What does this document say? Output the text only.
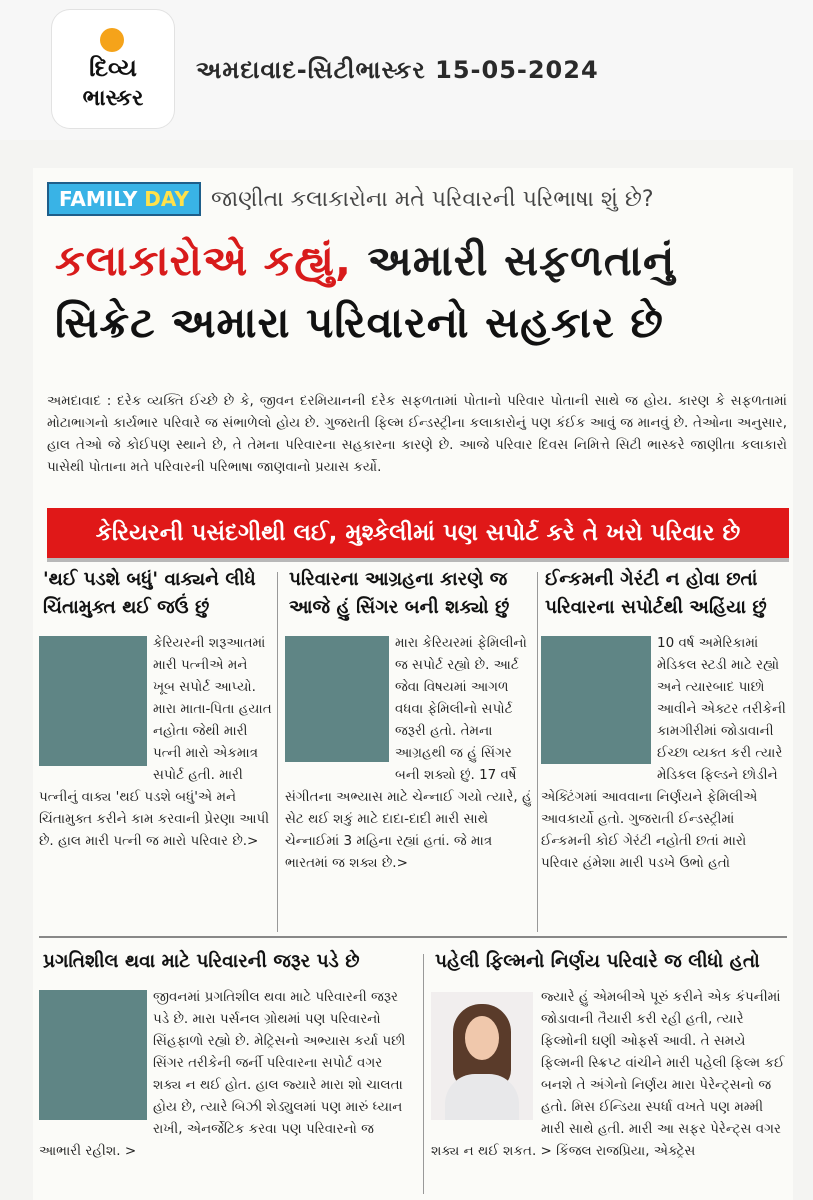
દિવ્ય
ભાસ્કર
અમદાવાદ-સિટીભાસ્કર 15-05-2024
FAMILY DAY	જાણીતા કલાકારોના મતે પરિવારની પરિભાષા શું છે?
કલાકારોએ કહ્યું, અમારી સફળતાનું
સિક્રેટ અમારા પરિવારનો સહકાર છે
અમદાવાદ : દરેક વ્યક્તિ ઈચ્છે છે કે, જીવન દરમિયાનની દરેક સફળતામાં પોતાનો પરિવાર પોતાની સાથે જ હોય. કારણ કે સફળતામાં મોટાભાગનો કાર્યભાર પરિવારે જ સંભાળેલો હોય છે. ગુજરાતી ફિલ્મ ઈન્ડસ્ટ્રીના કલાકારોનું પણ કંઈક આવું જ માનવું છે. તેઓના અનુસાર, હાલ તેઓ જે કોઈપણ સ્થાને છે, તે તેમના પરિવારના સહકારના કારણે છે. આજે પરિવાર દિવસ નિમિત્તે સિટી ભાસ્કરે જાણીતા કલાકારો પાસેથી પોતાના મતે પરિવારની પરિભાષા જાણવાનો પ્રયાસ કર્યો.
કેરિયરની પસંદગીથી લઈ, મુશ્કેલીમાં પણ સપોર્ટ કરે તે ખરો પરિવાર છે
'થઈ પડશે બધું' વાક્યને લીધે ચિંતામુક્ત થઈ જઉં છું
કેરિયરની શરૂઆતમાં મારી પત્નીએ મને ખૂબ સપોર્ટ આપ્યો. મારા માતા-પિતા હયાત નહોતા જેથી મારી પત્ની મારો એકમાત્ર સપોર્ટ હતી. મારી પત્નીનું વાક્ય 'થઈ પડશે બધું'એ મને ચિંતામુક્ત કરીને કામ કરવાની પ્રેરણા આપી છે. હાલ મારી પત્ની જ મારો પરિવાર છે.>
પરિવારના આગ્રહના કારણે જ આજે હું સિંગર બની શક્યો છું
મારા કેરિયરમાં ફેમિલીનો જ સપોર્ટ રહ્યો છે. આર્ટ જેવા વિષયમાં આગળ વધવા ફેમિલીનો સપોર્ટ જરૂરી હતો. તેમના આગ્રહથી જ હું સિંગર બની શક્યો છું. 17 વર્ષે સંગીતના અભ્યાસ માટે ચેન્નાઈ ગયો ત્યારે, હું સેટ થઈ શકું માટે દાદા-દાદી મારી સાથે ચેન્નાઈમાં 3 મહિના રહ્યાં હતાં. જે માત્ર ભારતમાં જ શક્ય છે.>
ઈન્કમની ગેરંટી ન હોવા છતાં પરિવારના સપોર્ટથી અહિંયા છું
10 વર્ષ અમેરિકામાં મેડિકલ સ્ટડી માટે રહ્યો અને ત્યારબાદ પાછો આવીને એક્ટર તરીકેની કામગીરીમાં જોડાવાની ઈચ્છા વ્યક્ત કરી ત્યારે મેડિકલ ફિલ્ડને છોડીને એક્ટિંગમાં આવવાના નિર્ણયને ફેમિલીએ આવકાર્યો હતો. ગુજરાતી ઈન્ડસ્ટ્રીમાં ઈન્કમની કોઈ ગેરંટી નહોતી છતાં મારો પરિવાર હંમેશા મારી પડખે ઉભો હતો
પ્રગતિશીલ થવા માટે પરિવારની જરૂર પડે છે
જીવનમાં પ્રગતિશીલ થવા માટે પરિવારની જરૂર પડે છે. મારા પર્સનલ ગ્રોથમાં પણ પરિવારનો સિંહફાળો રહ્યો છે. મેટ્રિસનો અભ્યાસ કર્યા પછી સિંગર તરીકેની જર્ની પરિવારના સપોર્ટ વગર શક્ય ન થઈ હોત. હાલ જ્યારે મારા શો ચાલતા હોય છે, ત્યારે બિઝી શેડ્યુલમાં પણ મારું ધ્યાન રાખી, એનર્જેટિક કરવા પણ પરિવારનો જ આભારી રહીશ. >
પહેલી ફિલ્મનો નિર્ણય પરિવારે જ લીધો હતો
જ્યારે હું એમબીએ પૂરું કરીને એક કંપનીમાં જોડાવાની તૈયારી કરી રહી હતી, ત્યારે ફિલ્મોની ઘણી ઓફર્સ આવી. તે સમયે ફિલ્મની સ્ક્રિપ્ટ વાંચીને મારી પહેલી ફિલ્મ કઈ બનશે તે અંગેનો નિર્ણય મારા પેરેન્ટ્સનો જ હતો. મિસ ઈન્ડિયા સ્પર્ધા વખતે પણ મમ્મી મારી સાથે હતી. મારી આ સફર પેરેન્ટ્સ વગર શક્ય ન થઈ શકત. > કિંજલ રાજપ્રિયા, એક્ટ્રેસ
